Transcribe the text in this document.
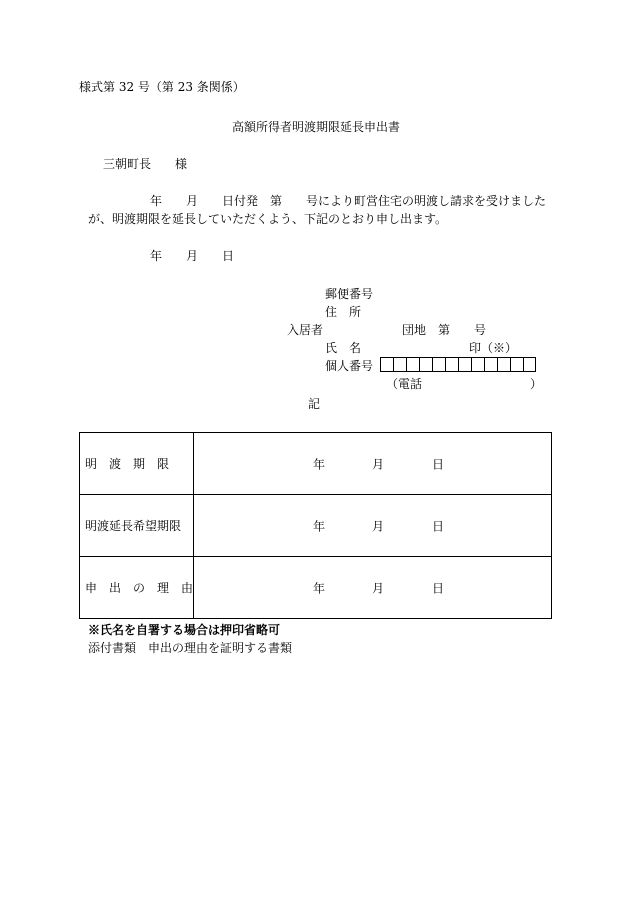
様式第 32 号（第 23 条関係）
高額所得者明渡期限延長申出書
三朝町長　　様
年　　月　　日付発　第　　号により町営住宅の明渡し請求を受けました
が、明渡期限を延長していただくよう、下記のとおり申し出ます。
年　　月　　日
郵便番号
住　所
入居者	団地　第　　号
氏　名	印（※）
個人番号
（電話　　　　　　　　　）
記
明　渡　期　限	年 月 日

明渡延長希望期限	年 月 日

申　出　の　理　由	年 月 日
※氏名を自署する場合は押印省略可
添付書類　申出の理由を証明する書類
